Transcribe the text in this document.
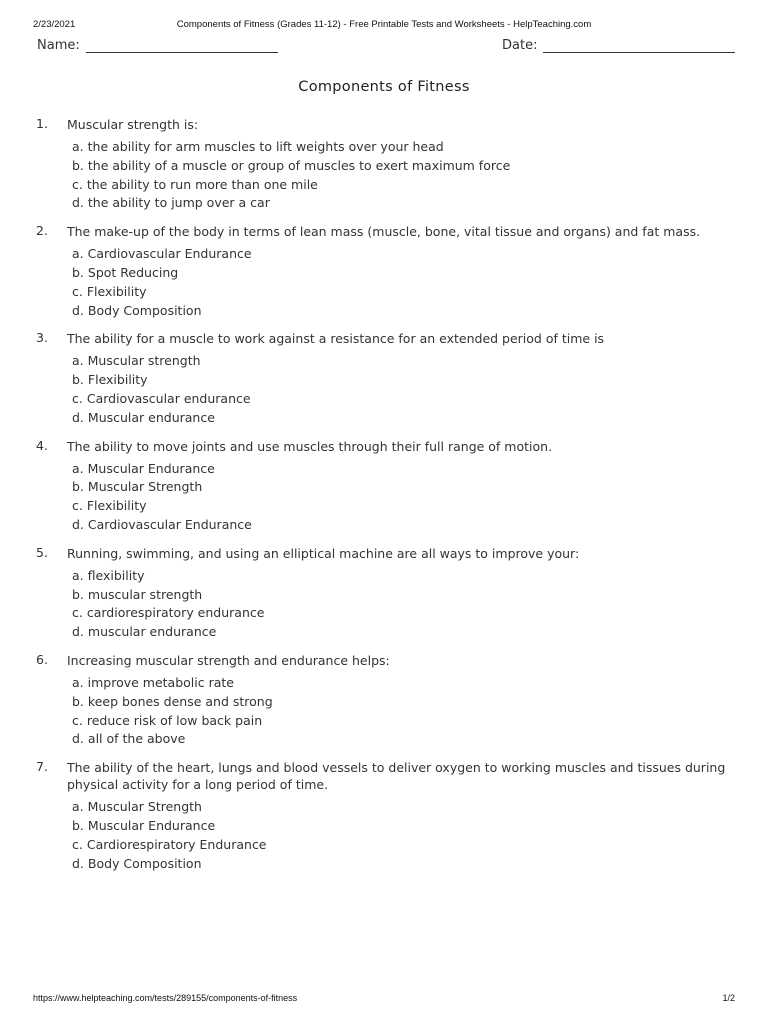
2/23/2021	Components of Fitness (Grades 11-12) - Free Printable Tests and Worksheets - HelpTeaching.com
Name:	Date:
Components of Fitness
1. Muscular strength is:
a. the ability for arm muscles to lift weights over your head
b. the ability of a muscle or group of muscles to exert maximum force
c. the ability to run more than one mile
d. the ability to jump over a car
2. The make-up of the body in terms of lean mass (muscle, bone, vital tissue and organs) and fat mass.
a. Cardiovascular Endurance
b. Spot Reducing
c. Flexibility
d. Body Composition
3. The ability for a muscle to work against a resistance for an extended period of time is
a. Muscular strength
b. Flexibility
c. Cardiovascular endurance
d. Muscular endurance
4. The ability to move joints and use muscles through their full range of motion.
a. Muscular Endurance
b. Muscular Strength
c. Flexibility
d. Cardiovascular Endurance
5. Running, swimming, and using an elliptical machine are all ways to improve your:
a. flexibility
b. muscular strength
c. cardiorespiratory endurance
d. muscular endurance
6. Increasing muscular strength and endurance helps:
a. improve metabolic rate
b. keep bones dense and strong
c. reduce risk of low back pain
d. all of the above
7. The ability of the heart, lungs and blood vessels to deliver oxygen to working muscles and tissues during physical activity for a long period of time.
a. Muscular Strength
b. Muscular Endurance
c. Cardiorespiratory Endurance
d. Body Composition
https://www.helpteaching.com/tests/289155/components-of-fitness	1/2
